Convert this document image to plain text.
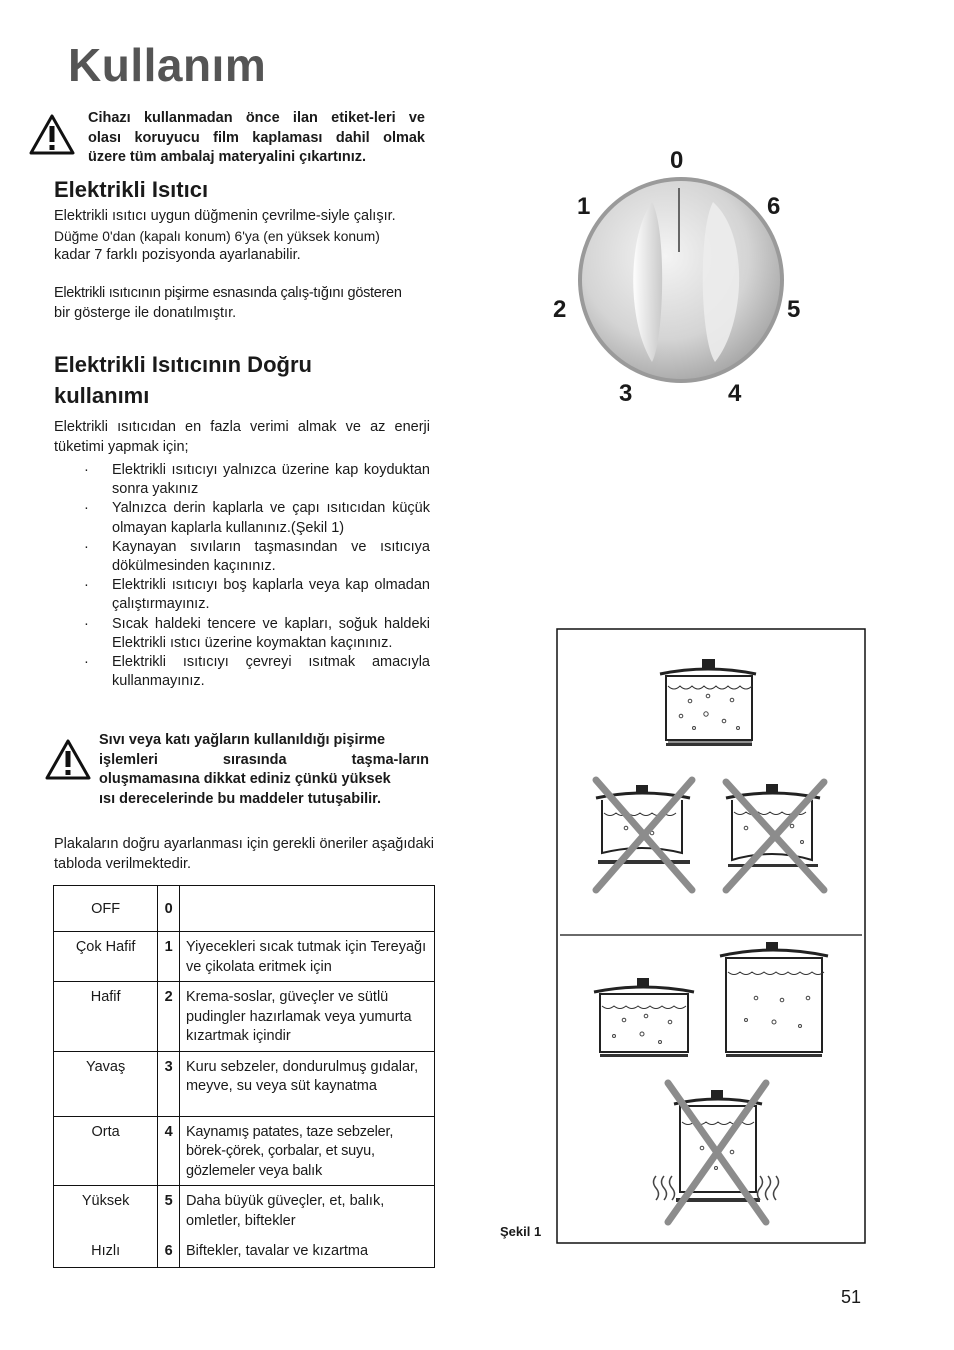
Kullanım
Cihazı kullanmadan önce ilan etiket-leri ve
olası koruyucu film kaplaması dahil olmak
üzere tüm ambalaj materyalini çıkartınız.
Elektrikli Isıtıcı
Elektrikli ısıtıcı uygun düğmenin çevrilme-siyle çalışır.
Düğme 0'dan (kapalı konum) 6'ya (en yüksek konum)
kadar 7 farklı pozisyonda ayarlanabilir.
Elektrikli ısıtıcının pişirme esnasında çalış-tığını gösteren
bir gösterge ile donatılmıştır.
Elektrikli Isıtıcının Doğru
kullanımı
Elektrikli ısıtıcıdan en fazla verimi almak ve az enerji tüketimi yapmak için;
· Elektrikli ısıtıcıyı yalnızca üzerine kap koyduktan sonra yakınız
· Yalnızca derin kaplarla ve çapı ısıtıcıdan küçük olmayan kaplarla kullanınız.(Şekil 1)
· Kaynayan sıvıların taşmasından ve ısıtıcıya dökülmesinden kaçınınız.
· Elektrikli ısıtıcıyı boş kaplarla veya kap olmadan çalıştırmayınız.
· Sıcak haldeki tencere ve kapları, soğuk haldeki Elektrikli ıstıcı üzerine koymaktan kaçınınız.
· Elektrikli ısıtıcıyı çevreyi ısıtmak amacıyla kullanmayınız.
Sıvı veya katı yağların kullanıldığı pişirme
işlemleri sırasında taşma-ların
oluşmamasına dikkat ediniz çünkü yüksek
ısı derecelerinde bu maddeler tutuşabilir.
Plakaların doğru ayarlanması için gerekli öneriler aşağıdaki tabloda verilmektedir.
OFF	0	
Çok Hafif	1	Yiyecekleri sıcak tutmak için Tereyağı ve çikolata eritmek için
Hafif	2	Krema-soslar, güveçler ve sütlü pudingler hazırlamak veya yumurta kızartmak içindir
Yavaş	3	Kuru sebzeler, dondurulmuş gıdalar, meyve, su veya süt kaynatma
Orta	4	Kaynamış patates, taze sebzeler, börek-çörek, çorbalar, et suyu, gözlemeler veya balık
Yüksek	5	Daha büyük güveçler, et, balık, omletler, biftekler
Hızlı	6	Biftekler, tavalar ve kızartma
0
1
2
3	4
5
6
Şekil 1
51
